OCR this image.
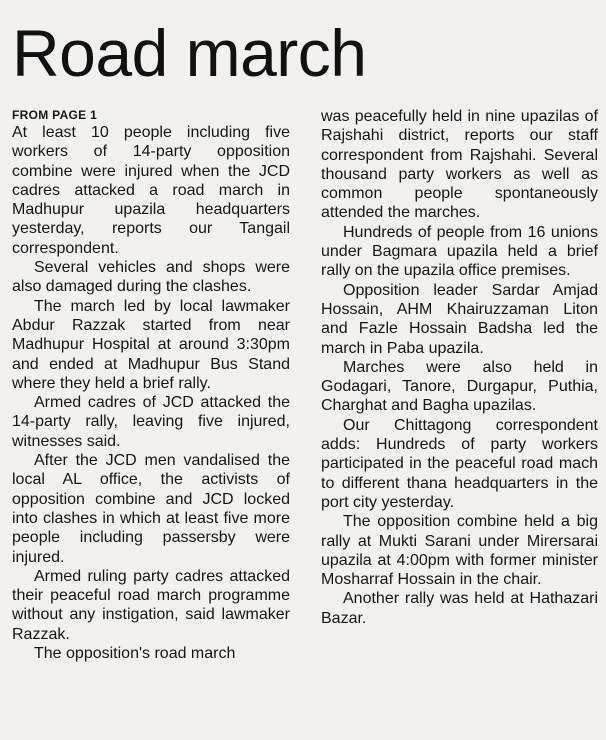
Road march
FROM PAGE 1

At least 10 people including five workers of 14-party opposition combine were injured when the JCD cadres attacked a road march in Madhupur upazila headquarters yesterday, reports our Tangail correspondent.

Several vehicles and shops were also damaged during the clashes.

The march led by local lawmaker Abdur Razzak started from near Madhupur Hospital at around 3:30pm and ended at Madhupur Bus Stand where they held a brief rally.

Armed cadres of JCD attacked the 14-party rally, leaving five injured, witnesses said.

After the JCD men vandalised the local AL office, the activists of opposition combine and JCD locked into clashes in which at least five more people including passersby were injured.

Armed ruling party cadres attacked their peaceful road march programme without any instigation, said lawmaker Razzak.

The opposition's road march

was peacefully held in nine upazilas of Rajshahi district, reports our staff correspondent from Rajshahi. Several thousand party workers as well as common people spontaneously attended the marches.

Hundreds of people from 16 unions under Bagmara upazila held a brief rally on the upazila office premises.

Opposition leader Sardar Amjad Hossain, AHM Khairuzzaman Liton and Fazle Hossain Badsha led the march in Paba upazila.

Marches were also held in Godagari, Tanore, Durgapur, Puthia, Charghat and Bagha upazilas.

Our Chittagong correspondent adds: Hundreds of party workers participated in the peaceful road mach to different thana headquarters in the port city yesterday.

The opposition combine held a big rally at Mukti Sarani under Mirersarai upazila at 4:00pm with former minister Mosharraf Hossain in the chair.

Another rally was held at Hathazari Bazar.
